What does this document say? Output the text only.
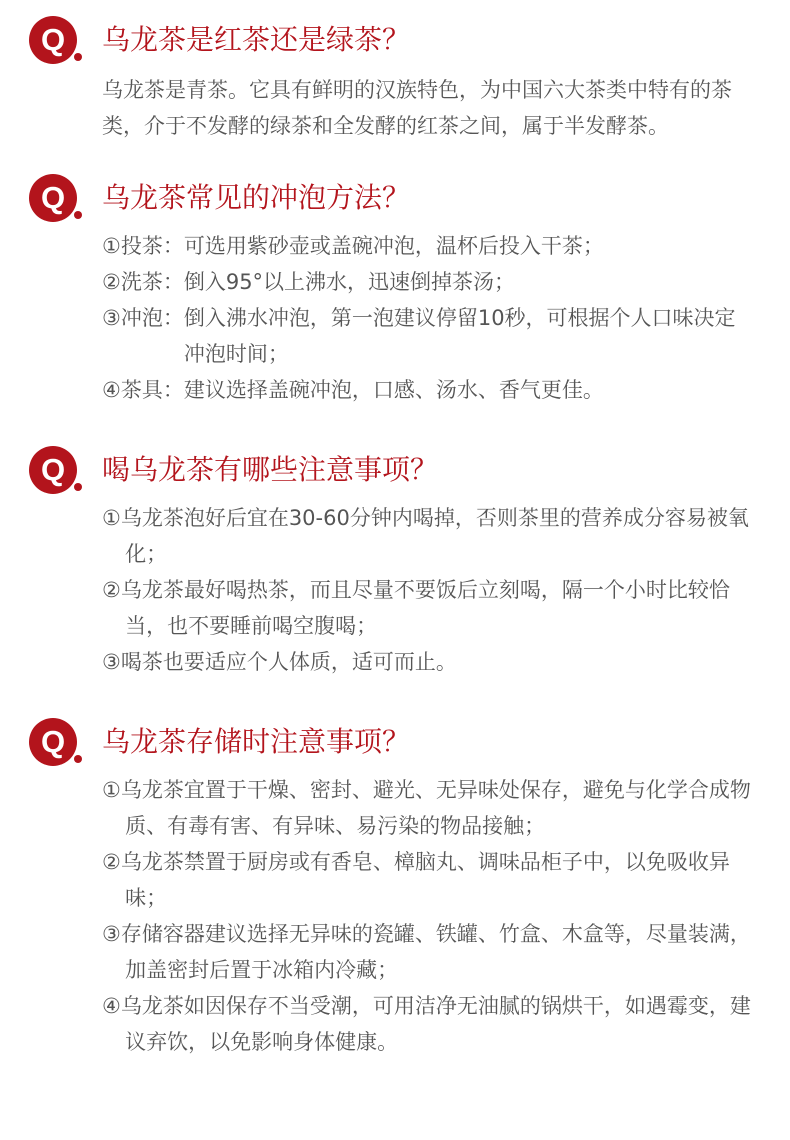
Q	乌龙茶是红茶还是绿茶？

乌龙茶是青茶。它具有鲜明的汉族特色，为中国六大茶类中特有的茶类，介于不发酵的绿茶和全发酵的红茶之间，属于半发酵茶。

Q	乌龙茶常见的冲泡方法？
①投茶： 可选用紫砂壶或盖碗冲泡，温杯后投入干茶；
②洗茶： 倒入95°以上沸水，迅速倒掉茶汤；
③冲泡： 倒入沸水冲泡，第一泡建议停留10秒，可根据个人口味决定冲泡时间；
④茶具： 建议选择盖碗冲泡，口感、汤水、香气更佳。
Q	喝乌龙茶有哪些注意事项？

①乌龙茶泡好后宜在30-60分钟内喝掉，否则茶里的营养成分容易被氧化；

②乌龙茶最好喝热茶，而且尽量不要饭后立刻喝，隔一个小时比较恰当，也不要睡前喝空腹喝；

③喝茶也要适应个人体质，适可而止。

Q	乌龙茶存储时注意事项？

①乌龙茶宜置于干燥、密封、避光、无异味处保存，避免与化学合成物质、有毒有害、有异味、易污染的物品接触；

②乌龙茶禁置于厨房或有香皂、樟脑丸、调味品柜子中，以免吸收异味；

③存储容器建议选择无异味的瓷罐、铁罐、竹盒、木盒等，尽量装满，加盖密封后置于冰箱内冷藏；

④乌龙茶如因保存不当受潮，可用洁净无油腻的锅烘干，如遇霉变，建议弃饮，以免影响身体健康。
